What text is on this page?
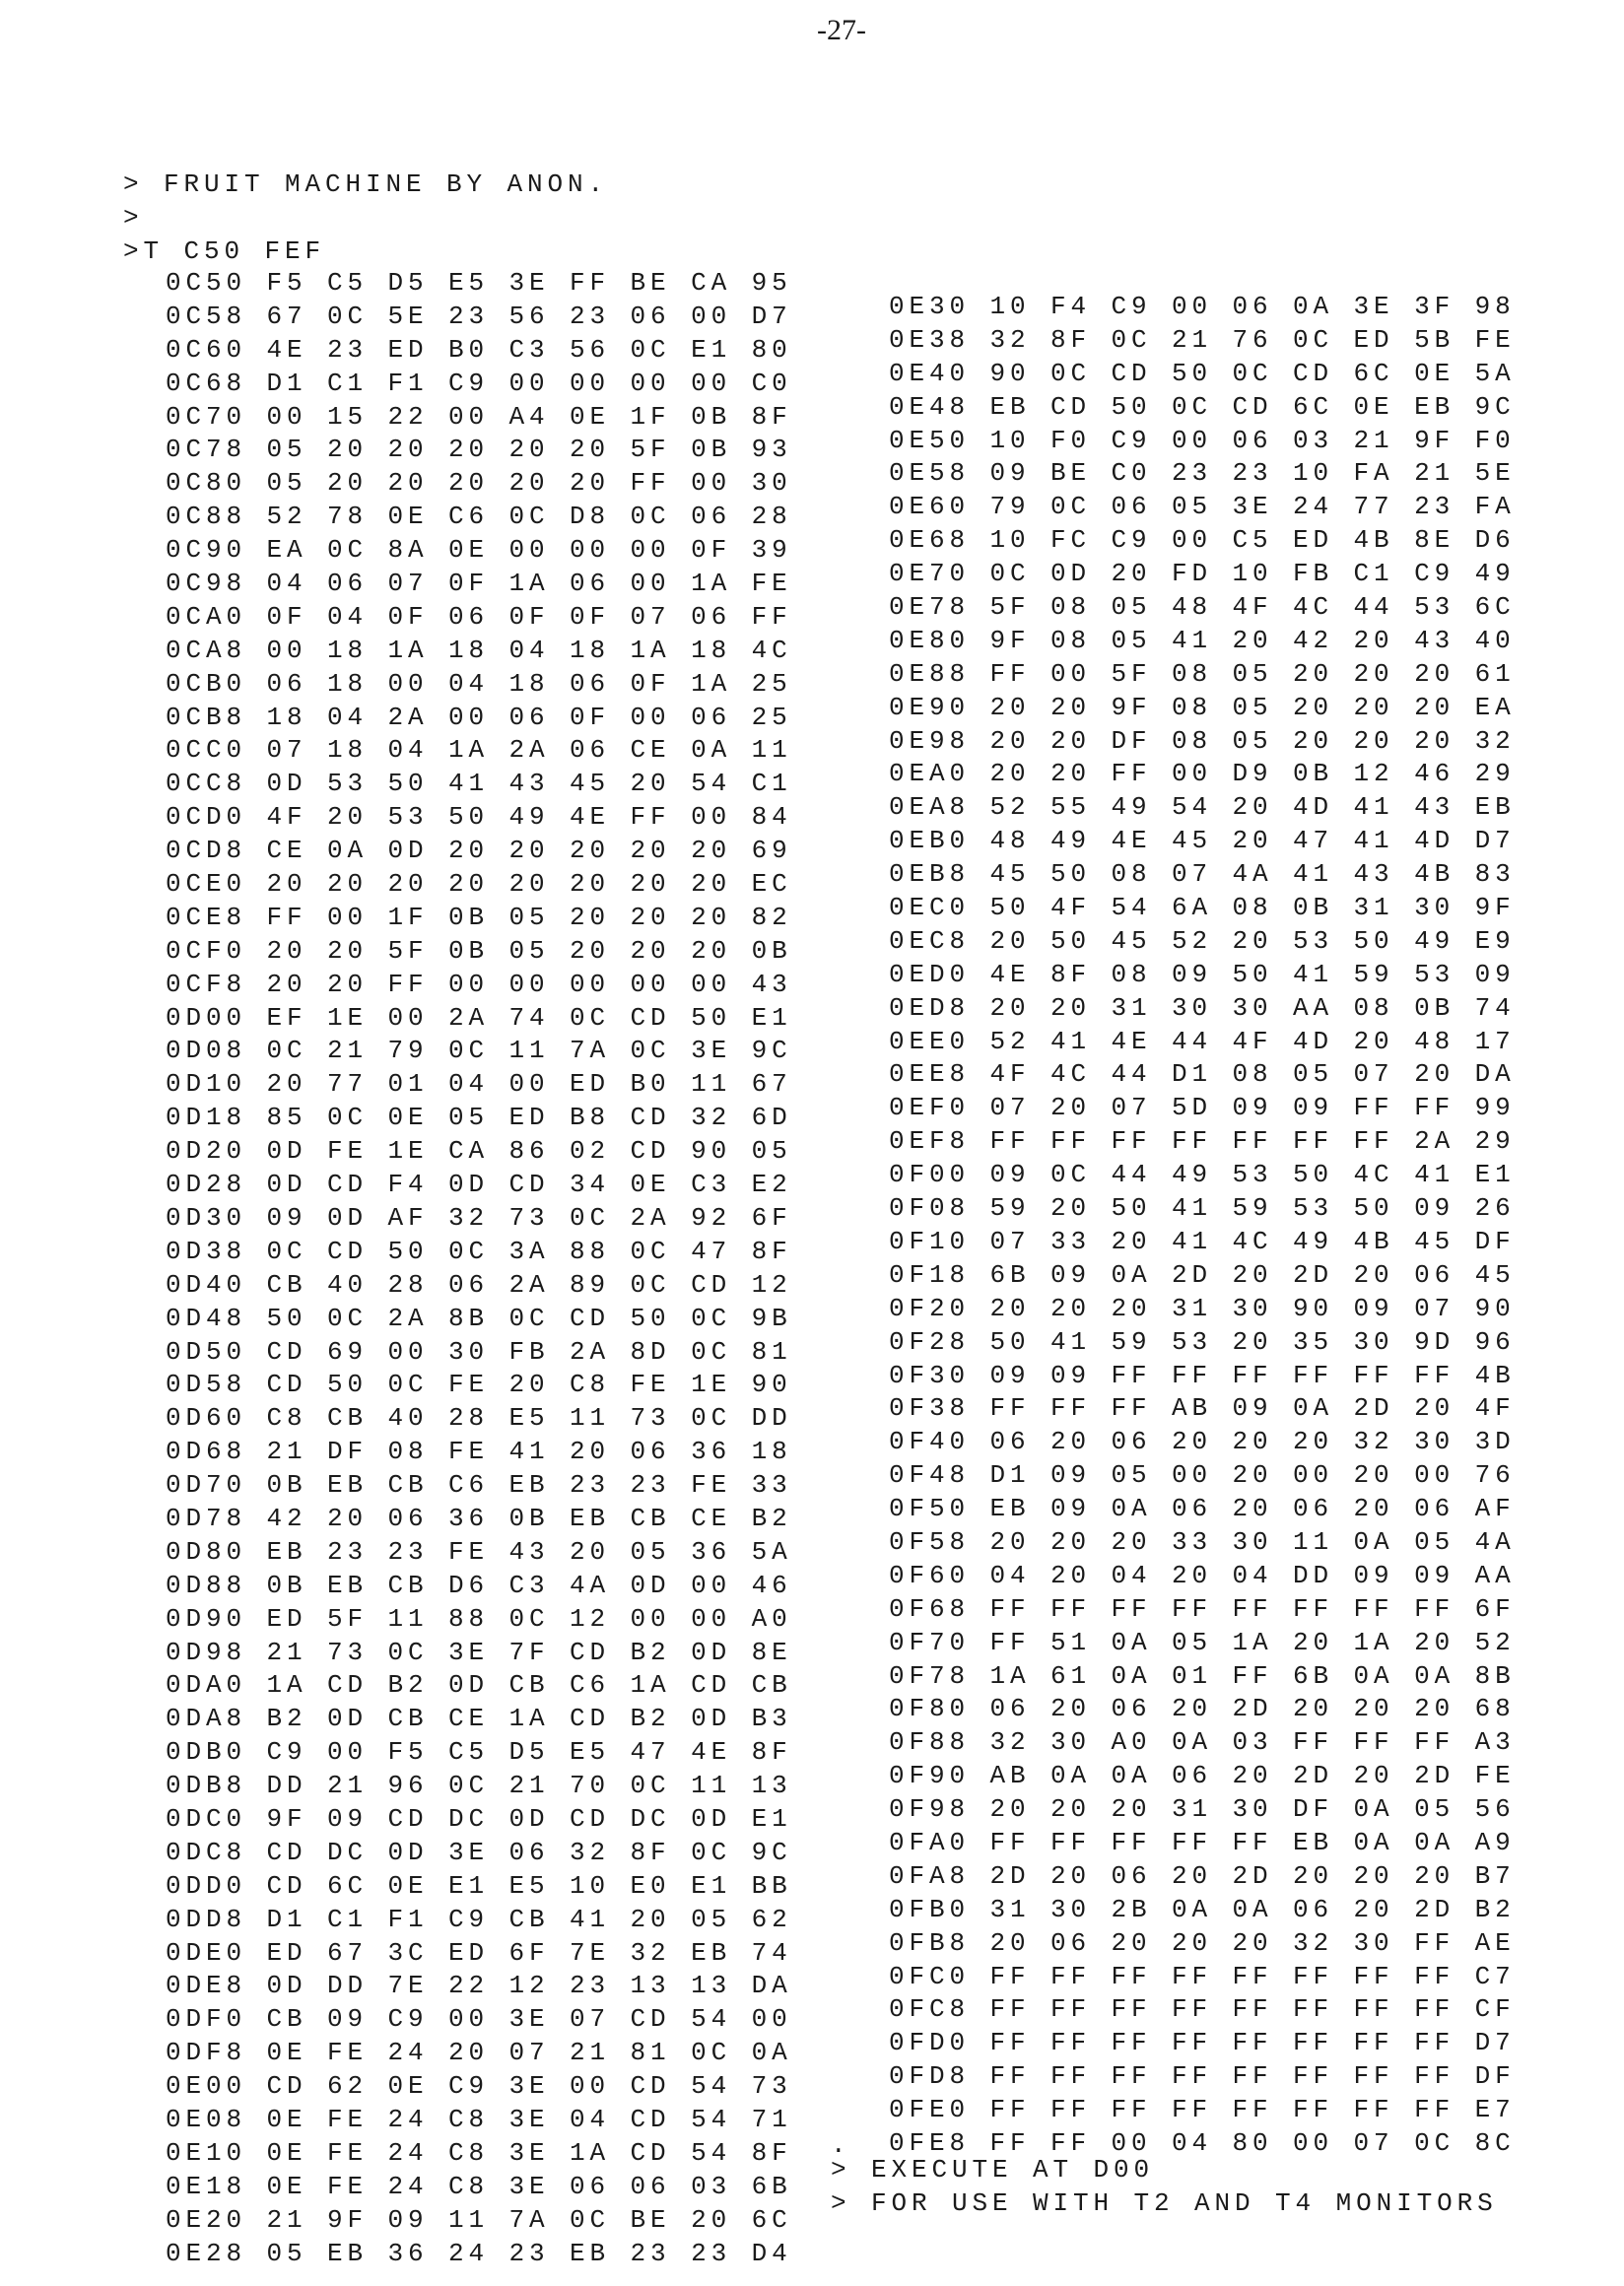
-27-
> FRUIT MACHINE BY ANON.
>
>T C50 FEF
0C50 F5 C5 D5 E5 3E FF BE CA 95
0C58 67 0C 5E 23 56 23 06 00 D7
0C60 4E 23 ED B0 C3 56 0C E1 80
0C68 D1 C1 F1 C9 00 00 00 00 C0
0C70 00 15 22 00 A4 0E 1F 0B 8F
0C78 05 20 20 20 20 20 5F 0B 93
0C80 05 20 20 20 20 20 FF 00 30
0C88 52 78 0E C6 0C D8 0C 06 28
0C90 EA 0C 8A 0E 00 00 00 0F 39
0C98 04 06 07 0F 1A 06 00 1A FE
0CA0 0F 04 0F 06 0F 0F 07 06 FF
0CA8 00 18 1A 18 04 18 1A 18 4C
0CB0 06 18 00 04 18 06 0F 1A 25
0CB8 18 04 2A 00 06 0F 00 06 25
0CC0 07 18 04 1A 2A 06 CE 0A 11
0CC8 0D 53 50 41 43 45 20 54 C1
0CD0 4F 20 53 50 49 4E FF 00 84
0CD8 CE 0A 0D 20 20 20 20 20 69
0CE0 20 20 20 20 20 20 20 20 EC
0CE8 FF 00 1F 0B 05 20 20 20 82
0CF0 20 20 5F 0B 05 20 20 20 0B
0CF8 20 20 FF 00 00 00 00 00 43
0D00 EF 1E 00 2A 74 0C CD 50 E1
0D08 0C 21 79 0C 11 7A 0C 3E 9C
0D10 20 77 01 04 00 ED B0 11 67
0D18 85 0C 0E 05 ED B8 CD 32 6D
0D20 0D FE 1E CA 86 02 CD 90 05
0D28 0D CD F4 0D CD 34 0E C3 E2
0D30 09 0D AF 32 73 0C 2A 92 6F
0D38 0C CD 50 0C 3A 88 0C 47 8F
0D40 CB 40 28 06 2A 89 0C CD 12
0D48 50 0C 2A 8B 0C CD 50 0C 9B
0D50 CD 69 00 30 FB 2A 8D 0C 81
0D58 CD 50 0C FE 20 C8 FE 1E 90
0D60 C8 CB 40 28 E5 11 73 0C DD
0D68 21 DF 08 FE 41 20 06 36 18
0D70 0B EB CB C6 EB 23 23 FE 33
0D78 42 20 06 36 0B EB CB CE B2
0D80 EB 23 23 FE 43 20 05 36 5A
0D88 0B EB CB D6 C3 4A 0D 00 46
0D90 ED 5F 11 88 0C 12 00 00 A0
0D98 21 73 0C 3E 7F CD B2 0D 8E
0DA0 1A CD B2 0D CB C6 1A CD CB
0DA8 B2 0D CB CE 1A CD B2 0D B3
0DB0 C9 00 F5 C5 D5 E5 47 4E 8F
0DB8 DD 21 96 0C 21 70 0C 11 13
0DC0 9F 09 CD DC 0D CD DC 0D E1
0DC8 CD DC 0D 3E 06 32 8F 0C 9C
0DD0 CD 6C 0E E1 E5 10 E0 E1 BB
0DD8 D1 C1 F1 C9 CB 41 20 05 62
0DE0 ED 67 3C ED 6F 7E 32 EB 74
0DE8 0D DD 7E 22 12 23 13 13 DA
0DF0 CB 09 C9 00 3E 07 CD 54 00
0DF8 0E FE 24 20 07 21 81 0C 0A
0E00 CD 62 0E C9 3E 00 CD 54 73
0E08 0E FE 24 C8 3E 04 CD 54 71
0E10 0E FE 24 C8 3E 1A CD 54 8F
0E18 0E FE 24 C8 3E 06 06 03 6B
0E20 21 9F 09 11 7A 0C BE 20 6C
0E28 05 EB 36 24 23 EB 23 23 D4
0E30 10 F4 C9 00 06 0A 3E 3F 98
0E38 32 8F 0C 21 76 0C ED 5B FE
0E40 90 0C CD 50 0C CD 6C 0E 5A
0E48 EB CD 50 0C CD 6C 0E EB 9C
0E50 10 F0 C9 00 06 03 21 9F F0
0E58 09 BE C0 23 23 10 FA 21 5E
0E60 79 0C 06 05 3E 24 77 23 FA
0E68 10 FC C9 00 C5 ED 4B 8E D6
0E70 0C 0D 20 FD 10 FB C1 C9 49
0E78 5F 08 05 48 4F 4C 44 53 6C
0E80 9F 08 05 41 20 42 20 43 40
0E88 FF 00 5F 08 05 20 20 20 61
0E90 20 20 9F 08 05 20 20 20 EA
0E98 20 20 DF 08 05 20 20 20 32
0EA0 20 20 FF 00 D9 0B 12 46 29
0EA8 52 55 49 54 20 4D 41 43 EB
0EB0 48 49 4E 45 20 47 41 4D D7
0EB8 45 50 08 07 4A 41 43 4B 83
0EC0 50 4F 54 6A 08 0B 31 30 9F
0EC8 20 50 45 52 20 53 50 49 E9
0ED0 4E 8F 08 09 50 41 59 53 09
0ED8 20 20 31 30 30 AA 08 0B 74
0EE0 52 41 4E 44 4F 4D 20 48 17
0EE8 4F 4C 44 D1 08 05 07 20 DA
0EF0 07 20 07 5D 09 09 FF FF 99
0EF8 FF FF FF FF FF FF FF 2A 29
0F00 09 0C 44 49 53 50 4C 41 E1
0F08 59 20 50 41 59 53 50 09 26
0F10 07 33 20 41 4C 49 4B 45 DF
0F18 6B 09 0A 2D 20 2D 20 06 45
0F20 20 20 20 31 30 90 09 07 90
0F28 50 41 59 53 20 35 30 9D 96
0F30 09 09 FF FF FF FF FF FF 4B
0F38 FF FF FF AB 09 0A 2D 20 4F
0F40 06 20 06 20 20 20 32 30 3D
0F48 D1 09 05 00 20 00 20 00 76
0F50 EB 09 0A 06 20 06 20 06 AF
0F58 20 20 20 33 30 11 0A 05 4A
0F60 04 20 04 20 04 DD 09 09 AA
0F68 FF FF FF FF FF FF FF FF 6F
0F70 FF 51 0A 05 1A 20 1A 20 52
0F78 1A 61 0A 01 FF 6B 0A 0A 8B
0F80 06 20 06 20 2D 20 20 20 68
0F88 32 30 A0 0A 03 FF FF FF A3
0F90 AB 0A 0A 06 20 2D 20 2D FE
0F98 20 20 20 31 30 DF 0A 05 56
0FA0 FF FF FF FF FF EB 0A 0A A9
0FA8 2D 20 06 20 2D 20 20 20 B7
0FB0 31 30 2B 0A 0A 06 20 2D B2
0FB8 20 06 20 20 20 32 30 FF AE
0FC0 FF FF FF FF FF FF FF FF C7
0FC8 FF FF FF FF FF FF FF FF CF
0FD0 FF FF FF FF FF FF FF FF D7
0FD8 FF FF FF FF FF FF FF FF DF
0FE0 FF FF FF FF FF FF FF FF E7
0FE8 FF FF 00 04 80 00 07 0C 8C
.
> EXECUTE AT D00
> FOR USE WITH T2 AND T4 MONITORS
